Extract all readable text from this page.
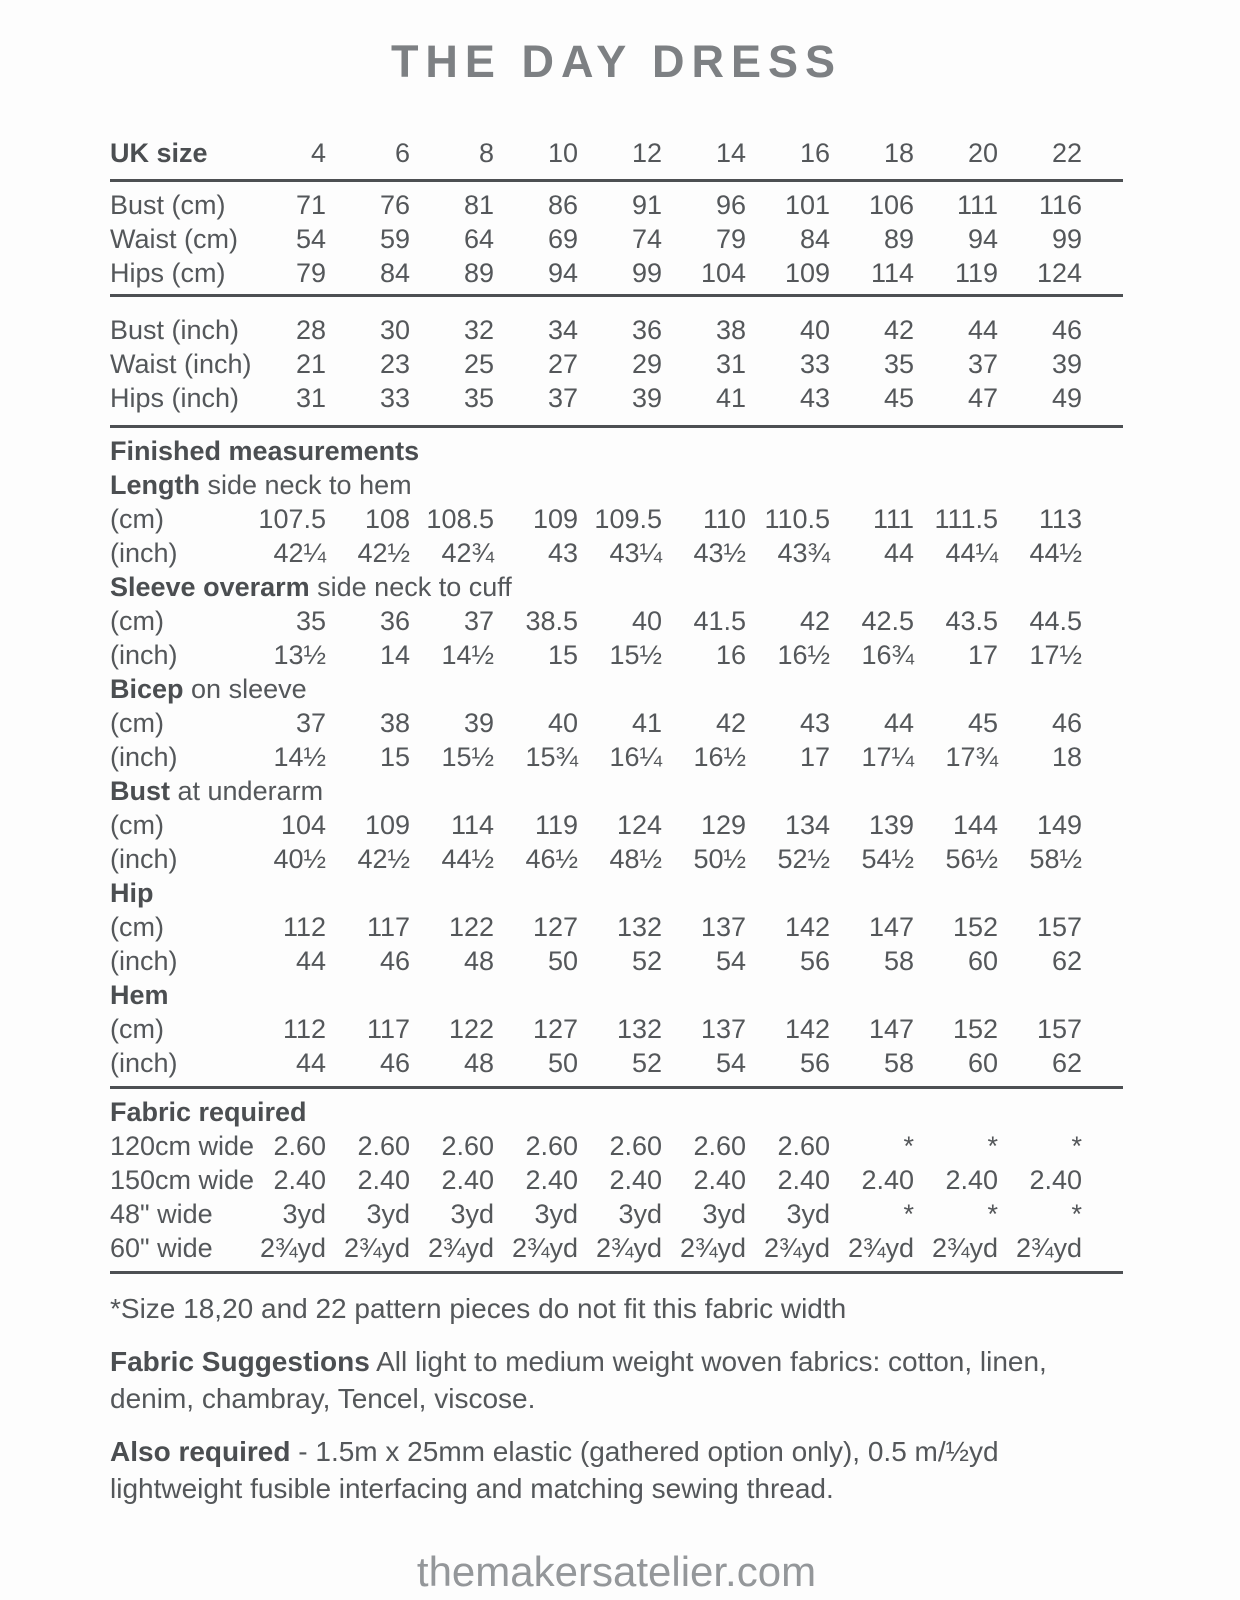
THE DAY DRESS
UK size	4	6	8	10	12	14	16	18	20	22	
Bust (cm)	71	76	81	86	91	96	101	106	111	116	
Waist (cm)	54	59	64	69	74	79	84	89	94	99	
Hips (cm)	79	84	89	94	99	104	109	114	119	124	
Bust (inch)	28	30	32	34	36	38	40	42	44	46	
Waist (inch)	21	23	25	27	29	31	33	35	37	39	
Hips (inch)	31	33	35	37	39	41	43	45	47	49	
Finished measurements
Length side neck to hem
(cm)	107.5	108	108.5	109	109.5	110	110.5	111	111.5	113	
(inch)	42¼	42½	42¾	43	43¼	43½	43¾	44	44¼	44½	
Sleeve overarm side neck to cuff
(cm)	35	36	37	38.5	40	41.5	42	42.5	43.5	44.5	
(inch)	13½	14	14½	15	15½	16	16½	16¾	17	17½	
Bicep on sleeve
(cm)	37	38	39	40	41	42	43	44	45	46	
(inch)	14½	15	15½	15¾	16¼	16½	17	17¼	17¾	18	
Bust at underarm
(cm)	104	109	114	119	124	129	134	139	144	149	
(inch)	40½	42½	44½	46½	48½	50½	52½	54½	56½	58½	
Hip
(cm)	112	117	122	127	132	137	142	147	152	157	
(inch)	44	46	48	50	52	54	56	58	60	62	
Hem
(cm)	112	117	122	127	132	137	142	147	152	157	
(inch)	44	46	48	50	52	54	56	58	60	62	
Fabric required
120cm wide	2.60	2.60	2.60	2.60	2.60	2.60	2.60	*	*	*	
150cm wide	2.40	2.40	2.40	2.40	2.40	2.40	2.40	2.40	2.40	2.40	
48" wide	3yd	3yd	3yd	3yd	3yd	3yd	3yd	*	*	*	
60" wide	2¾yd	2¾yd	2¾yd	2¾yd	2¾yd	2¾yd	2¾yd	2¾yd	2¾yd	2¾yd	

*Size 18,20 and 22 pattern pieces do not fit this fabric width

Fabric Suggestions All light to medium weight woven fabrics: cotton, linen, denim, chambray, Tencel, viscose.

Also required - 1.5m x 25mm elastic (gathered option only), 0.5 m/½yd lightweight fusible interfacing and matching sewing thread.

themakersatelier.com
